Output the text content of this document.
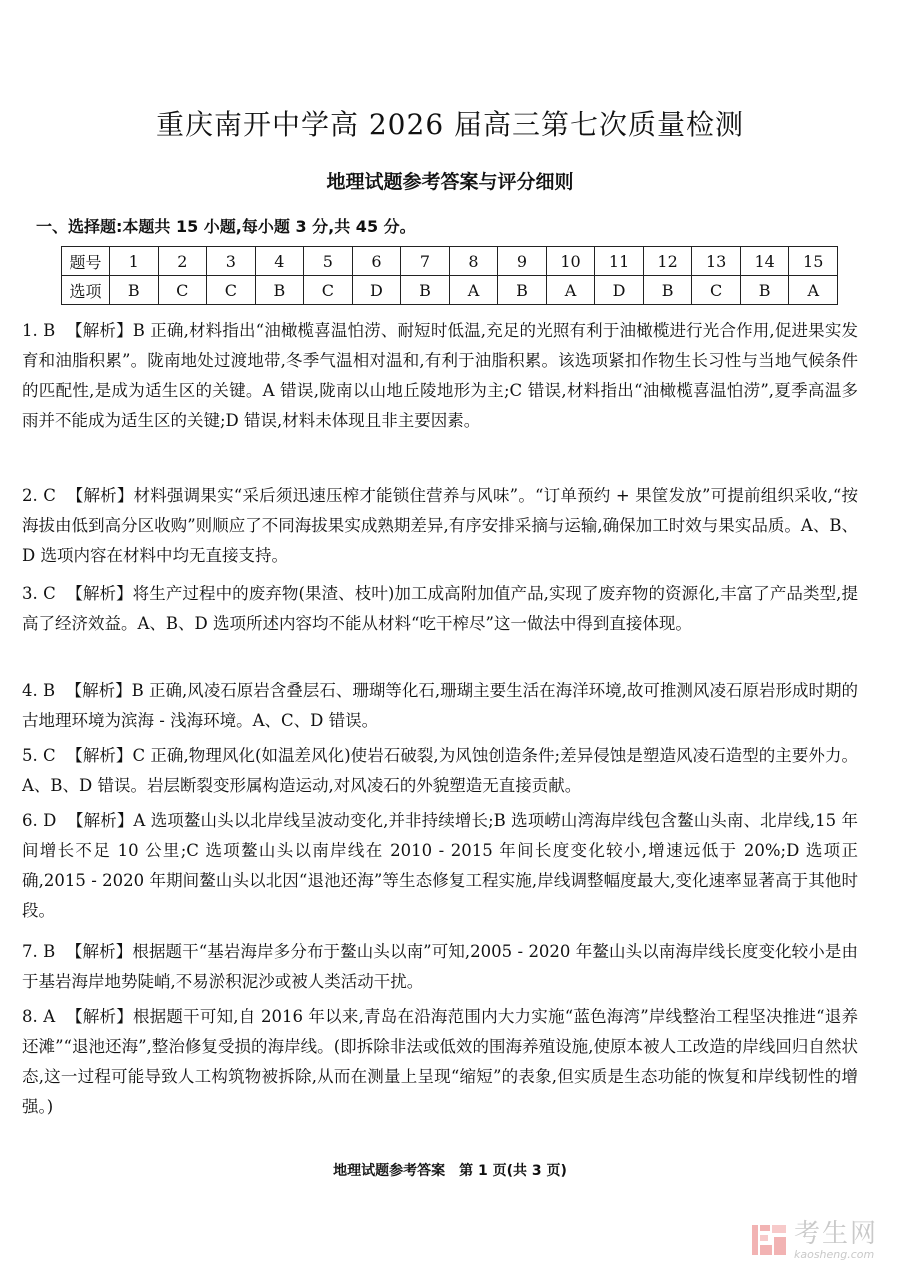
重庆南开中学高 2026 届高三第七次质量检测
地理试题参考答案与评分细则
一、选择题:本题共 15 小题,每小题 3 分,共 45 分。
题号	1	2	3	4	5	6	7	8	9	10	11	12	13	14	15
选项	B	C	C	B	C	D	B	A	B	A	D	B	C	B	A

1. B 【解析】B 正确,材料指出“油橄榄喜温怕涝、耐短时低温,充足的光照有利于油橄榄进行光合作用,促进果实发育和油脂积累”。陇南地处过渡地带,冬季气温相对温和,有利于油脂积累。该选项紧扣作物生长习性与当地气候条件的匹配性,是成为适生区的关键。A 错误,陇南以山地丘陵地形为主;C 错误,材料指出“油橄榄喜温怕涝”,夏季高温多雨并不能成为适生区的关键;D 错误,材料未体现且非主要因素。

2. C 【解析】材料强调果实“采后须迅速压榨才能锁住营养与风味”。“订单预约 + 果筐发放”可提前组织采收,“按海拔由低到高分区收购”则顺应了不同海拔果实成熟期差异,有序安排采摘与运输,确保加工时效与果实品质。A、B、D 选项内容在材料中均无直接支持。

3. C 【解析】将生产过程中的废弃物(果渣、枝叶)加工成高附加值产品,实现了废弃物的资源化,丰富了产品类型,提高了经济效益。A、B、D 选项所述内容均不能从材料“吃干榨尽”这一做法中得到直接体现。

4. B 【解析】B 正确,风凌石原岩含叠层石、珊瑚等化石,珊瑚主要生活在海洋环境,故可推测风凌石原岩形成时期的古地理环境为滨海 - 浅海环境。A、C、D 错误。

5. C 【解析】C 正确,物理风化(如温差风化)使岩石破裂,为风蚀创造条件;差异侵蚀是塑造风凌石造型的主要外力。A、B、D 错误。岩层断裂变形属构造运动,对风凌石的外貌塑造无直接贡献。

6. D 【解析】A 选项鳌山头以北岸线呈波动变化,并非持续增长;B 选项崂山湾海岸线包含鳌山头南、北岸线,15 年间增长不足 10 公里;C 选项鳌山头以南岸线在 2010 - 2015 年间长度变化较小,增速远低于 20%;D 选项正确,2015 - 2020 年期间鳌山头以北因“退池还海”等生态修复工程实施,岸线调整幅度最大,变化速率显著高于其他时段。

7. B 【解析】根据题干“基岩海岸多分布于鳌山头以南”可知,2005 - 2020 年鳌山头以南海岸线长度变化较小是由于基岩海岸地势陡峭,不易淤积泥沙或被人类活动干扰。

8. A 【解析】根据题干可知,自 2016 年以来,青岛在沿海范围内大力实施“蓝色海湾”岸线整治工程坚决推进“退养还滩”“退池还海”,整治修复受损的海岸线。(即拆除非法或低效的围海养殖设施,使原本被人工改造的岸线回归自然状态,这一过程可能导致人工构筑物被拆除,从而在测量上呈现“缩短”的表象,但实质是生态功能的恢复和岸线韧性的增强。)

地理试题参考答案　第 1 页(共 3 页)
考生网
kaosheng.com
